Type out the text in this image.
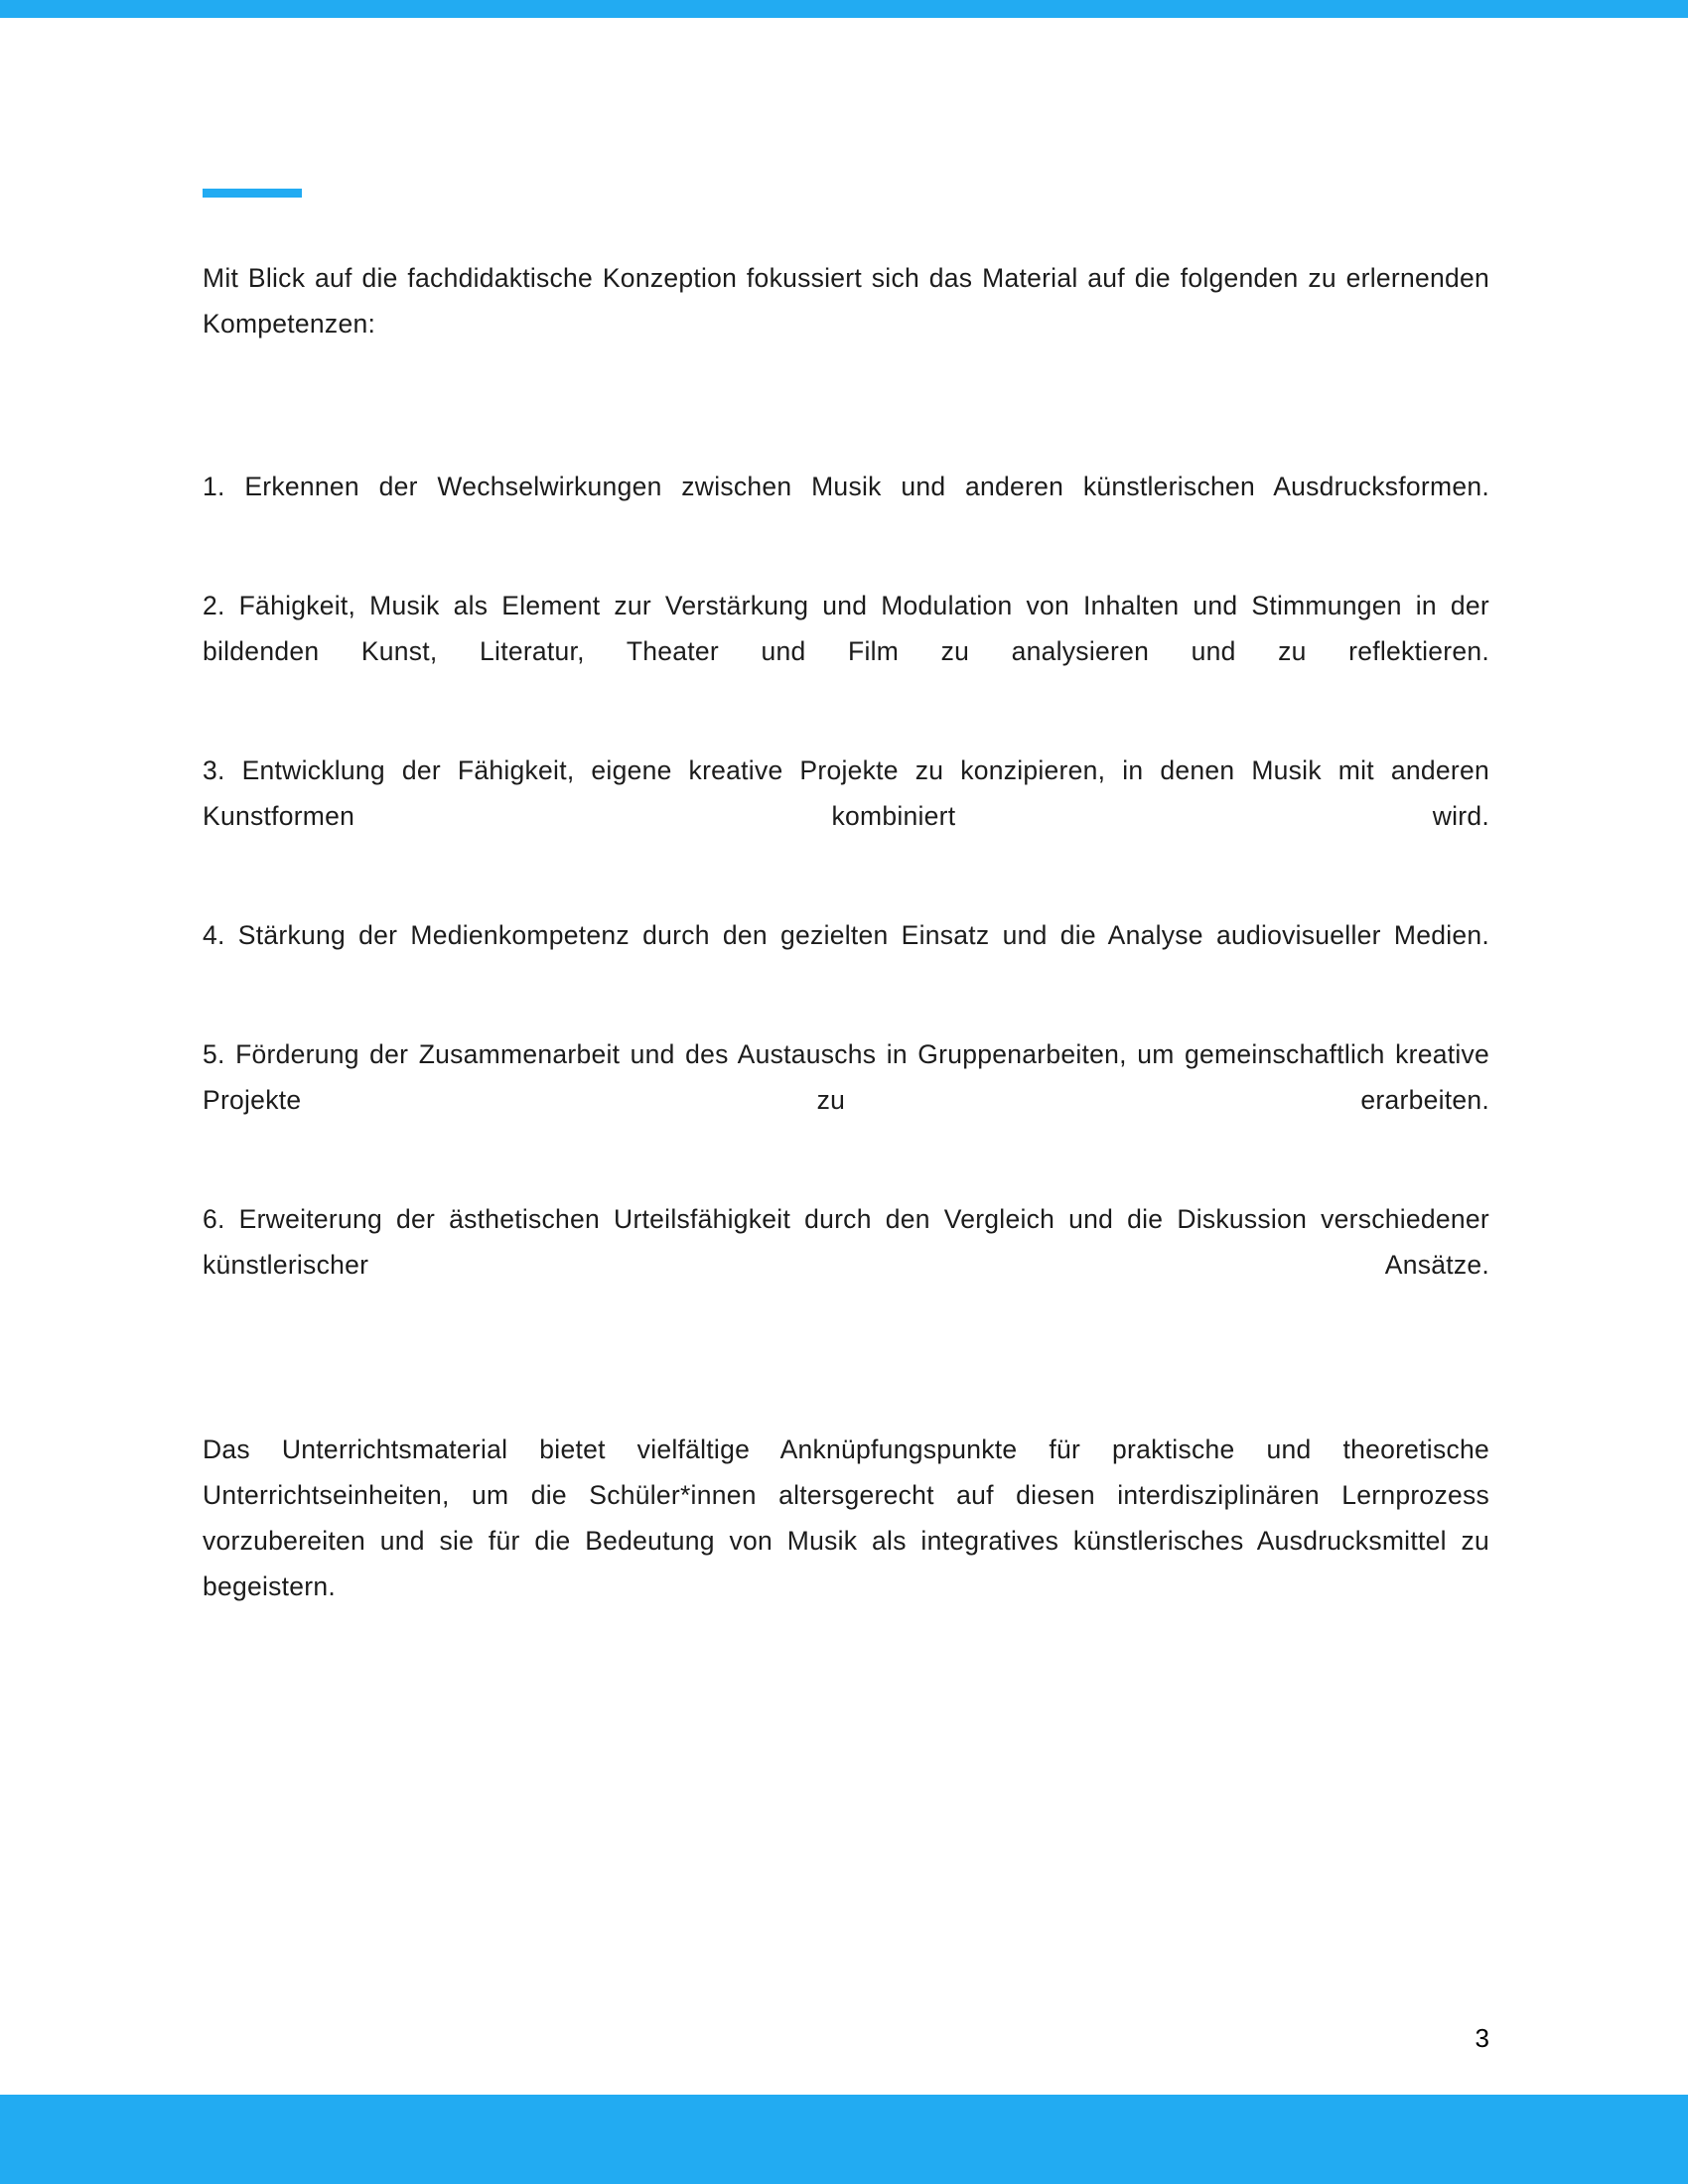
Mit Blick auf die fachdidaktische Konzeption fokussiert sich das Material auf die folgenden zu erlernenden Kompetenzen:

1. Erkennen der Wechselwirkungen zwischen Musik und anderen künstlerischen Ausdrucksformen.

2. Fähigkeit, Musik als Element zur Verstärkung und Modulation von Inhalten und Stimmungen in der bildenden Kunst, Literatur, Theater und Film zu analysieren und zu reflektieren.

3. Entwicklung der Fähigkeit, eigene kreative Projekte zu konzipieren, in denen Musik mit anderen Kunstformen kombiniert wird.

4. Stärkung der Medienkompetenz durch den gezielten Einsatz und die Analyse audiovisueller Medien.

5. Förderung der Zusammenarbeit und des Austauschs in Gruppenarbeiten, um gemeinschaftlich kreative Projekte zu erarbeiten.

6. Erweiterung der ästhetischen Urteilsfähigkeit durch den Vergleich und die Diskussion verschiedener künstlerischer Ansätze.

Das Unterrichtsmaterial bietet vielfältige Anknüpfungspunkte für praktische und theoretische Unterrichtseinheiten, um die Schüler*innen altersgerecht auf diesen interdisziplinären Lernprozess vorzubereiten und sie für die Bedeutung von Musik als integratives künstlerisches Ausdrucksmittel zu begeistern.

3
